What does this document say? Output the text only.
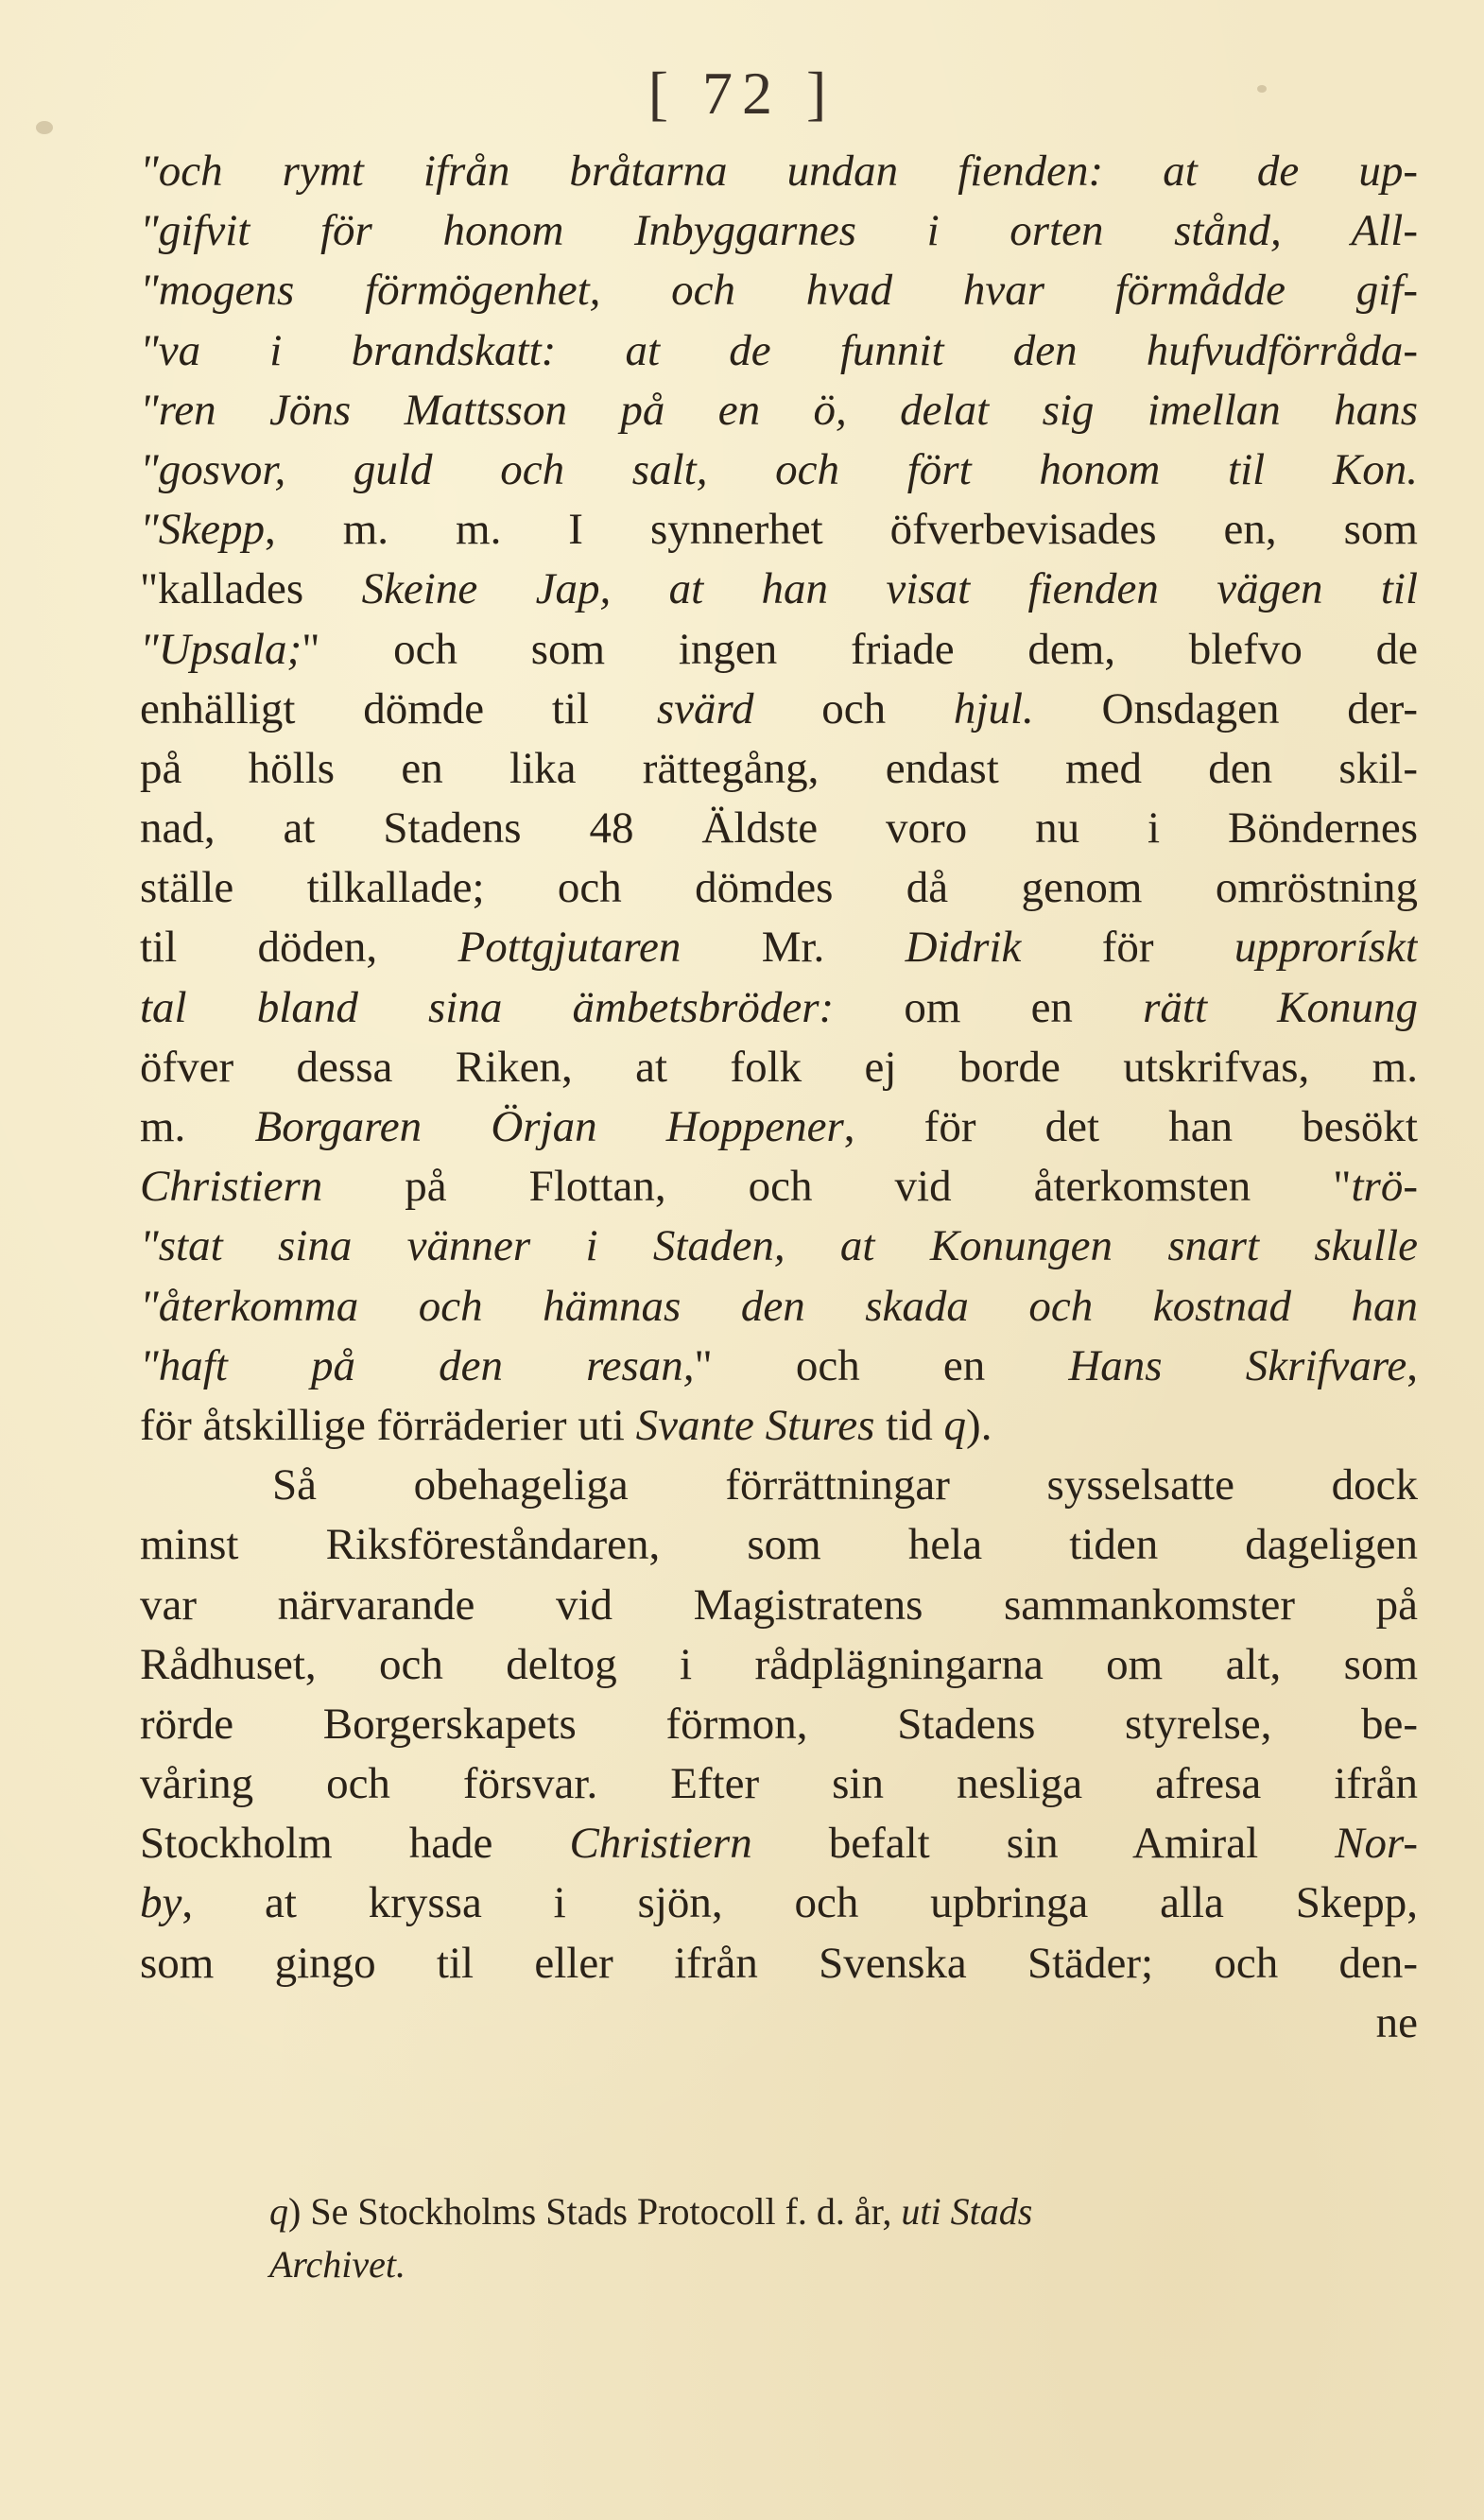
[ 72 ]
"och rymt ifrån bråtarna undan fienden: at de up-
"gifvit för honom Inbyggarnes i orten stånd, All-
"mogens förmögenhet, och hvad hvar förmådde gif-
"va i brandskatt: at de funnit den hufvudförråda-
"ren Jöns Mattsson på en ö, delat sig imellan hans
"gosvor, guld och salt, och fört honom til Kon.
"Skepp, m. m. I synnerhet öfverbevisades en, som
"kallades Skeine Jap, at han visat fienden vägen til
"Upsala;" och som ingen friade dem, blefvo de
enhälligt dömde til svärd och hjul. Onsdagen der-
på hölls en lika rättegång, endast med den skil-
nad, at Stadens 48 Äldste voro nu i Böndernes
ställe tilkallade; och dömdes då genom omröstning
til döden, Pottgjutaren Mr. Didrik för upprorískt
tal bland sina ämbetsbröder: om en rätt Konung
öfver dessa Riken, at folk ej borde utskrifvas, m.
m. Borgaren Örjan Hoppener, för det han besökt
Christiern på Flottan, och vid återkomsten "trö-
"stat sina vänner i Staden, at Konungen snart skulle
"återkomma och hämnas den skada och kostnad han
"haft på den resan," och en Hans Skrifvare,
för åtskillige förräderier uti Svante Stures tid q).
Så obehageliga förrättningar sysselsatte dock
minst Riksföreståndaren, som hela tiden dageligen
var närvarande vid Magistratens sammankomster på
Rådhuset, och deltog i rådplägningarna om alt, som
rörde Borgerskapets förmon, Stadens styrelse, be-
våring och försvar. Efter sin nesliga afresa ifrån
Stockholm hade Christiern befalt sin Amiral Nor-
by, at kryssa i sjön, och upbringa alla Skepp,
som gingo til eller ifrån Svenska Städer; och den-
ne
q) Se Stockholms Stads Protocoll f. d. år, uti Stads
Archivet.
